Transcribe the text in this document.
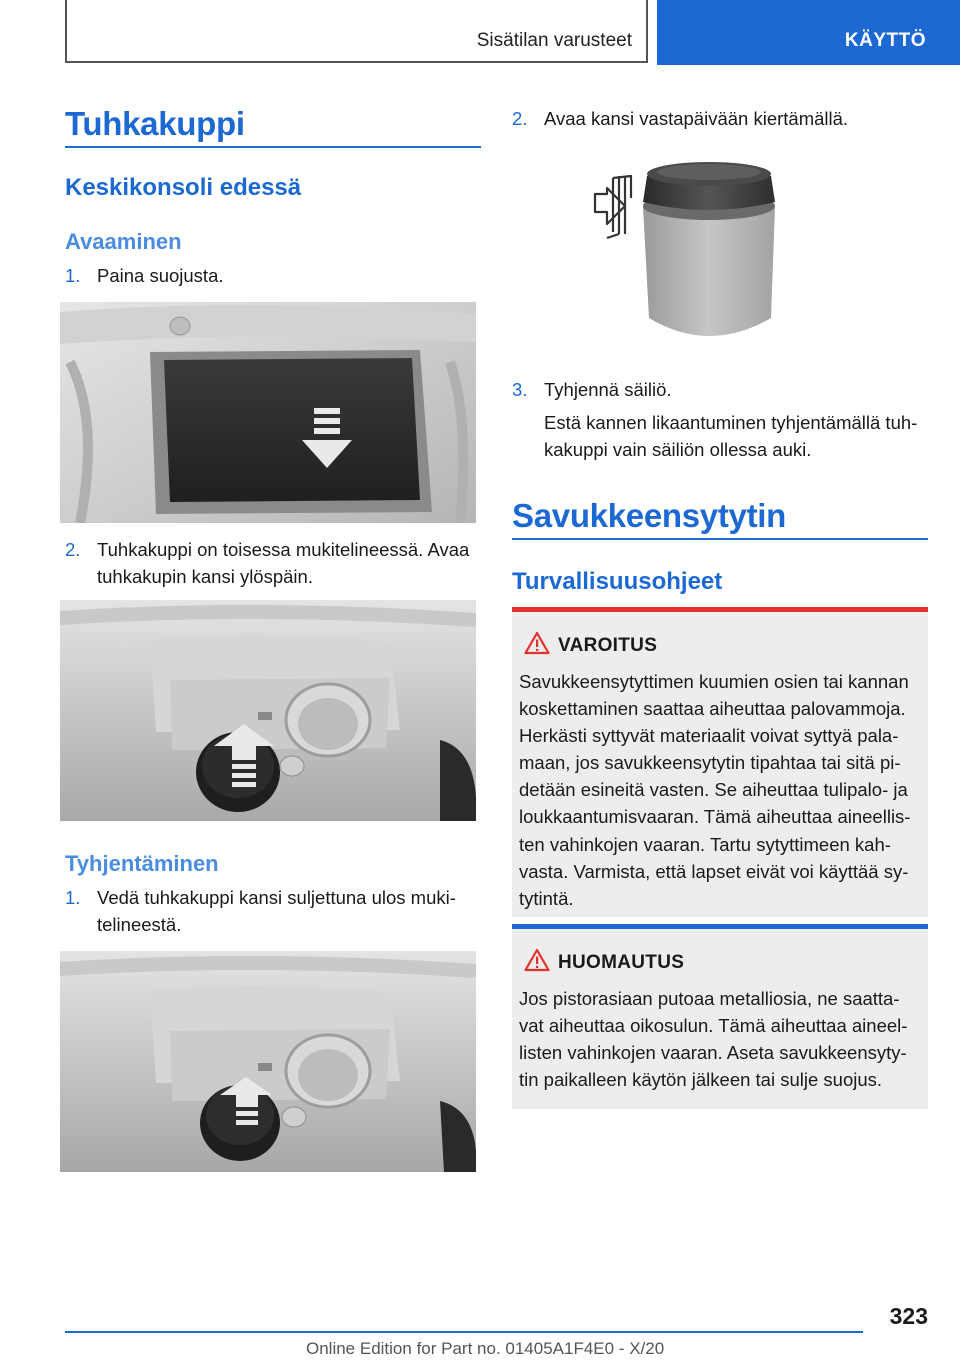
Sisätilan varusteet	KÄYTTÖ
Tuhkakuppi
Keskikonsoli edessä
Avaaminen
1. Paina suojusta.

2. Tuhkakuppi on toisessa mukitelineessä. Avaa

tuhkakupin kansi ylöspäin.

Tyhjentäminen
1. Vedä tuhkakuppi kansi suljettuna ulos muki-

telineestä.

2. Avaa kansi vastapäivään kiertämällä.

3. Tyhjennä säiliö.

Estä kannen likaantuminen tyhjentämällä tuh-

kakuppi vain säiliön ollessa auki.

Savukkeensytytin
Turvallisuusohjeet
VAROITUS

Savukkeensytyttimen kuumien osien tai kannan

koskettaminen saattaa aiheuttaa palovammoja.

Herkästi syttyvät materiaalit voivat syttyä pala-

maan, jos savukkeensytytin tipahtaa tai sitä pi-

detään esineitä vasten. Se aiheuttaa tulipalo- ja

loukkaantumisvaaran. Tämä aiheuttaa aineellis-

ten vahinkojen vaaran. Tartu sytyttimeen kah-

vasta. Varmista, että lapset eivät voi käyttää sy-

tytintä.

HUOMAUTUS

Jos pistorasiaan putoaa metalliosia, ne saatta-

vat aiheuttaa oikosulun. Tämä aiheuttaa aineel-

listen vahinkojen vaaran. Aseta savukkeensyty-

tin paikalleen käytön jälkeen tai sulje suojus.

323
Online Edition for Part no. 01405A1F4E0 - X/20
